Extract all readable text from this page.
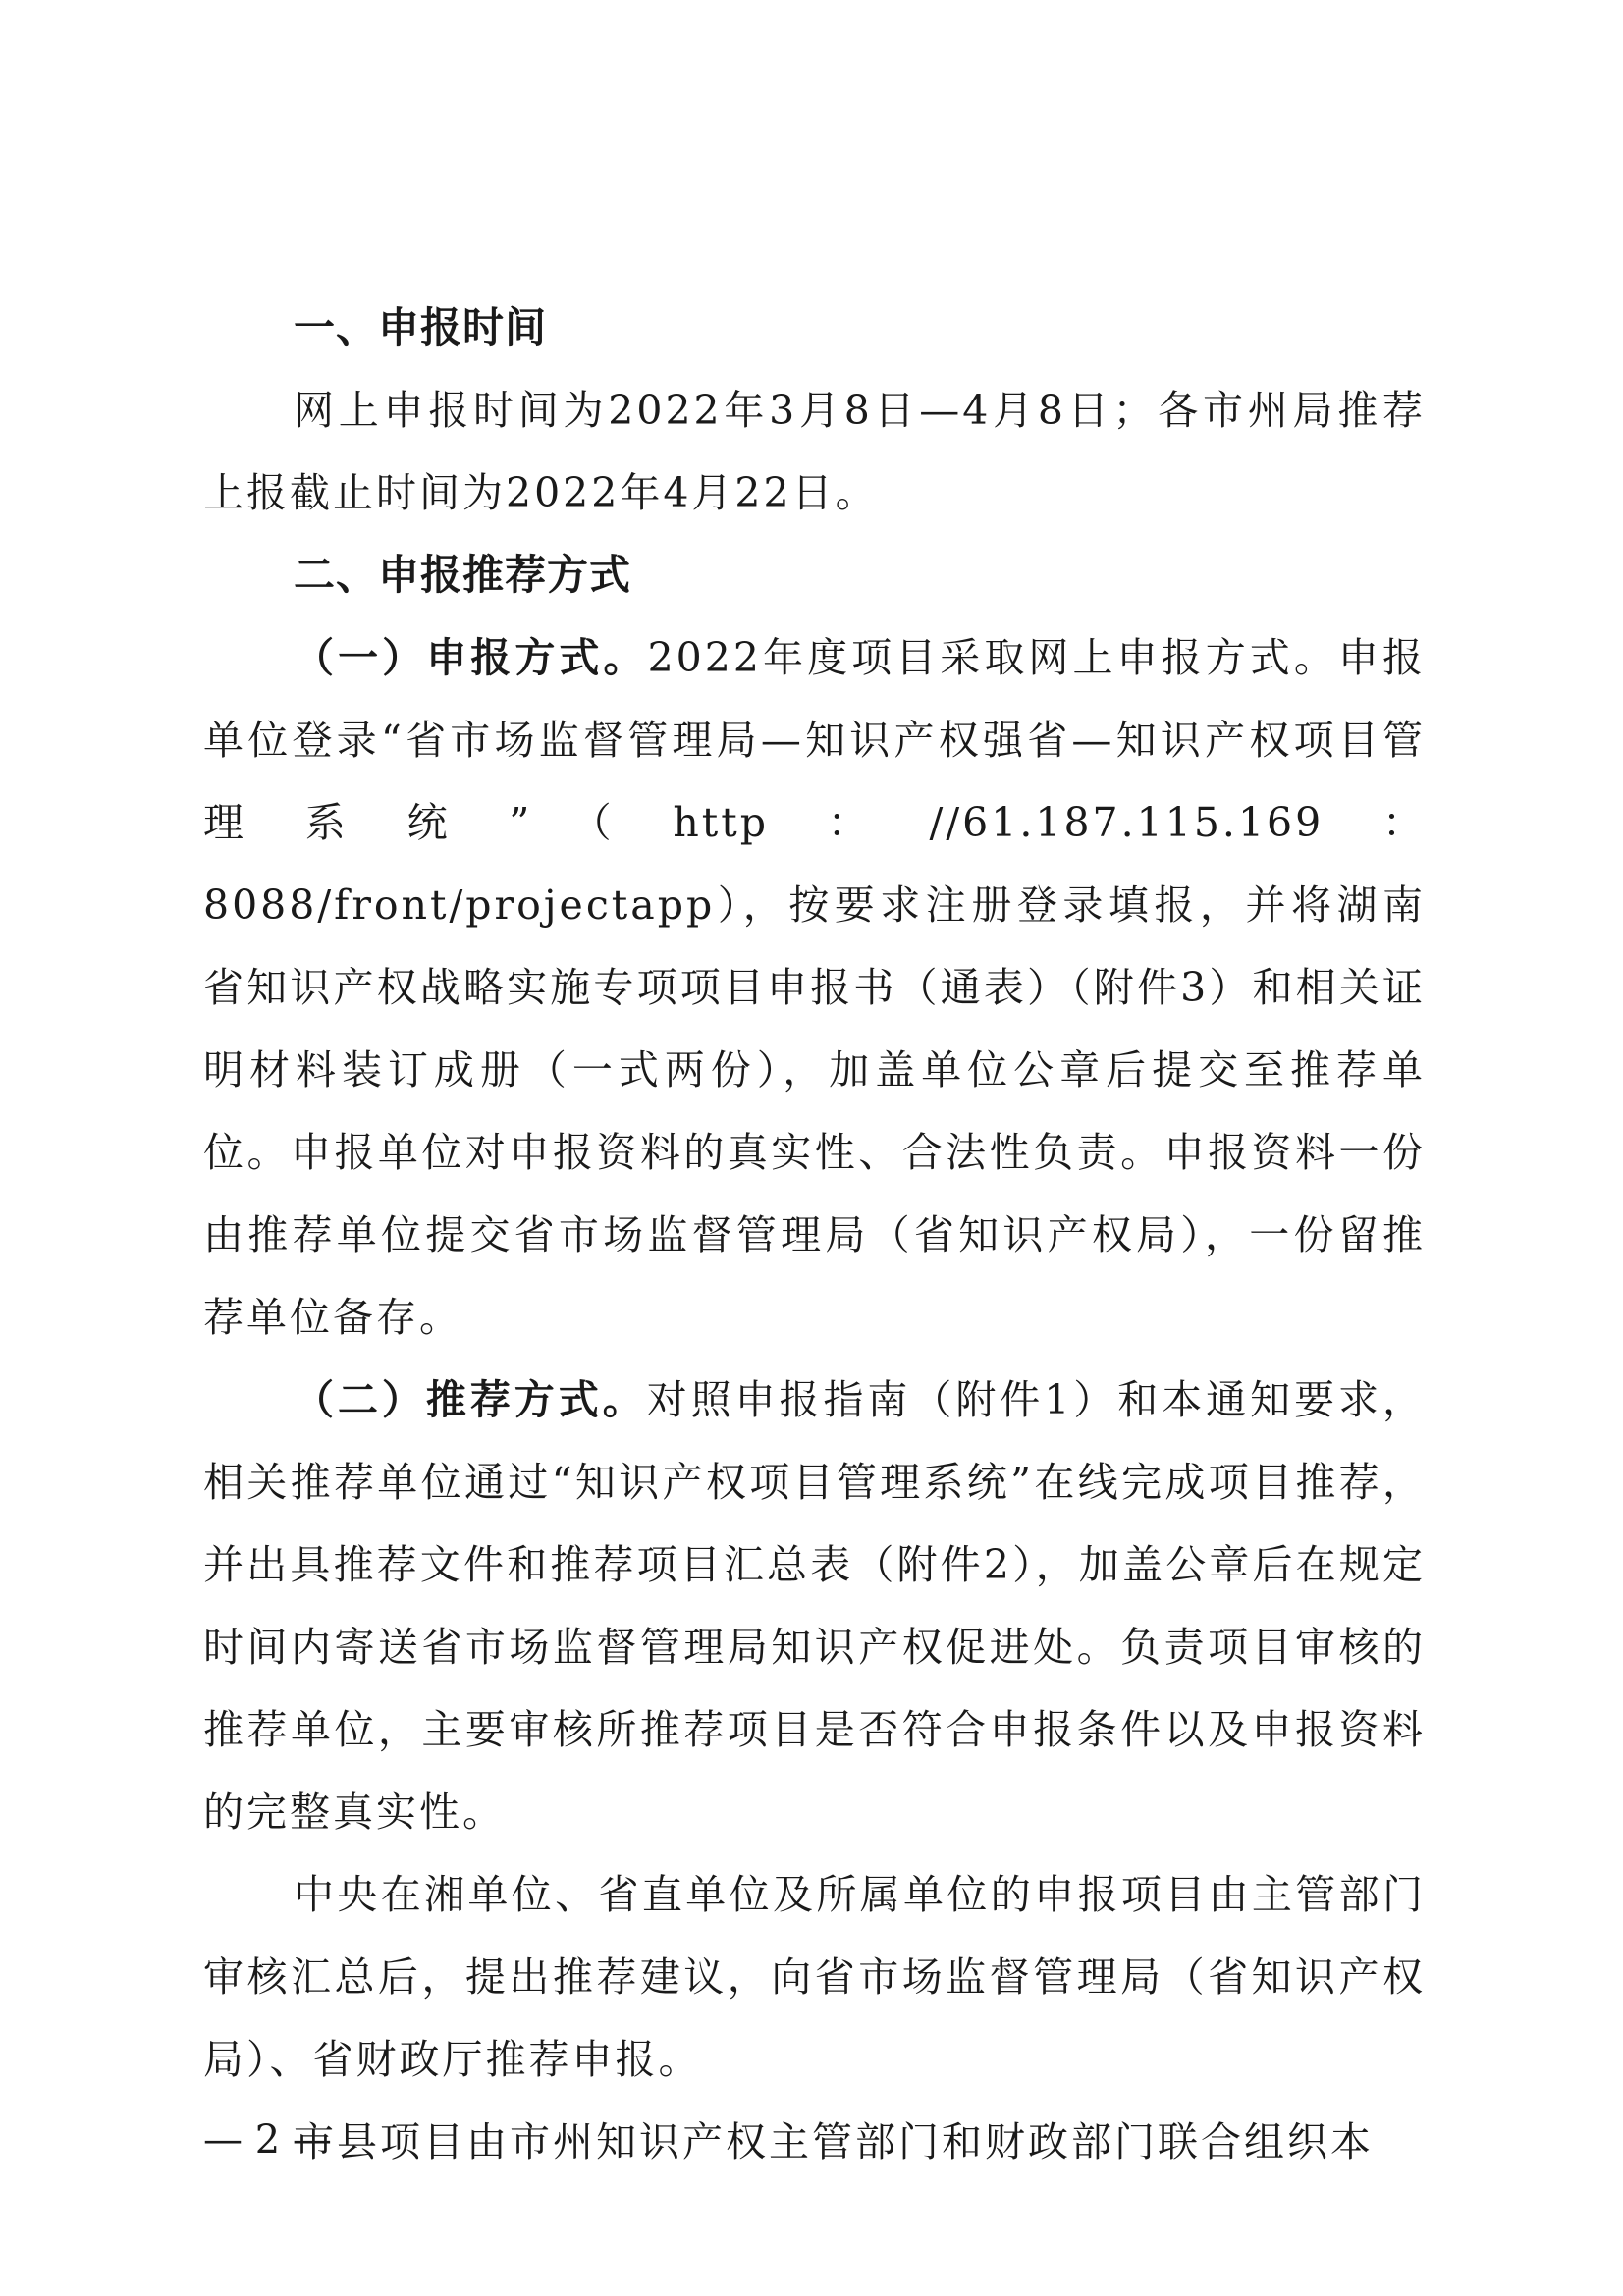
一、申报时间

网上申报时间为2022年3月8日—4月8日；各市州局推荐上报截止时间为2022年4月22日。

二、申报推荐方式

（一）申报方式。2022年度项目采取网上申报方式。申报单位登录“省市场监督管理局—知识产权强省—知识产权项目管理系统”（http：//61.187.115.169：8088/front/projectapp），按要求注册登录填报，并将湖南省知识产权战略实施专项项目申报书（通表）（附件3）和相关证明材料装订成册（一式两份），加盖单位公章后提交至推荐单位。申报单位对申报资料的真实性、合法性负责。申报资料一份由推荐单位提交省市场监督管理局（省知识产权局），一份留推荐单位备存。

（二）推荐方式。对照申报指南（附件1）和本通知要求，相关推荐单位通过“知识产权项目管理系统”在线完成项目推荐，并出具推荐文件和推荐项目汇总表（附件2），加盖公章后在规定时间内寄送省市场监督管理局知识产权促进处。负责项目审核的推荐单位，主要审核所推荐项目是否符合申报条件以及申报资料的完整真实性。

中央在湘单位、省直单位及所属单位的申报项目由主管部门审核汇总后，提出推荐建议，向省市场监督管理局（省知识产权局）、省财政厅推荐申报。

市县项目由市州知识产权主管部门和财政部门联合组织本

— 2 —
